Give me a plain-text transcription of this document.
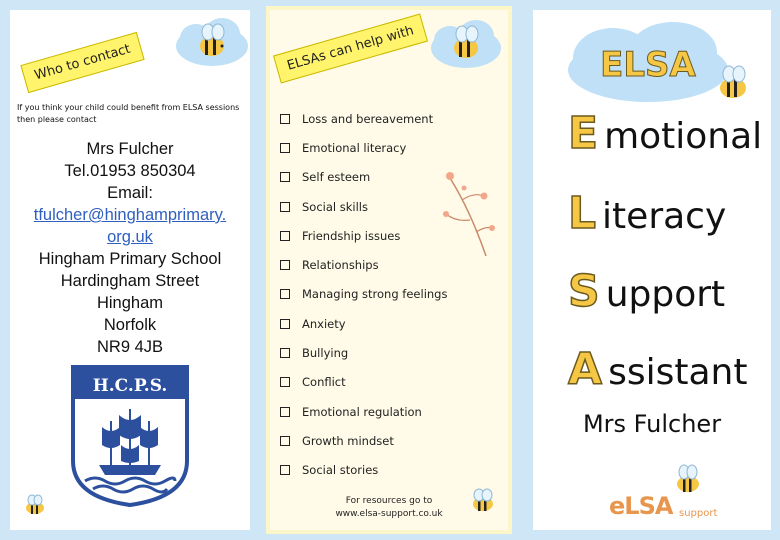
Who to contact
If you think your child could benefit from ELSA sessions then please contact
Mrs Fulcher
Tel.01953 850304
Email:
tfulcher@hinghamprimary.
org.uk
Hingham Primary School
Hardingham Street
Hingham
Norfolk
NR9 4JB
H.C.P.S.
ELSAs can help with
Loss and bereavement
Emotional literacy
Self esteem
Social skills
Friendship issues
Relationships
Managing strong feelings
Anxiety
Bullying
Conflict
Emotional regulation
Growth mindset
Social stories
For resources go to
www.elsa-support.co.uk
ELSA
E motional
L iteracy
S upport
A ssistant
Mrs Fulcher
eLSA support
